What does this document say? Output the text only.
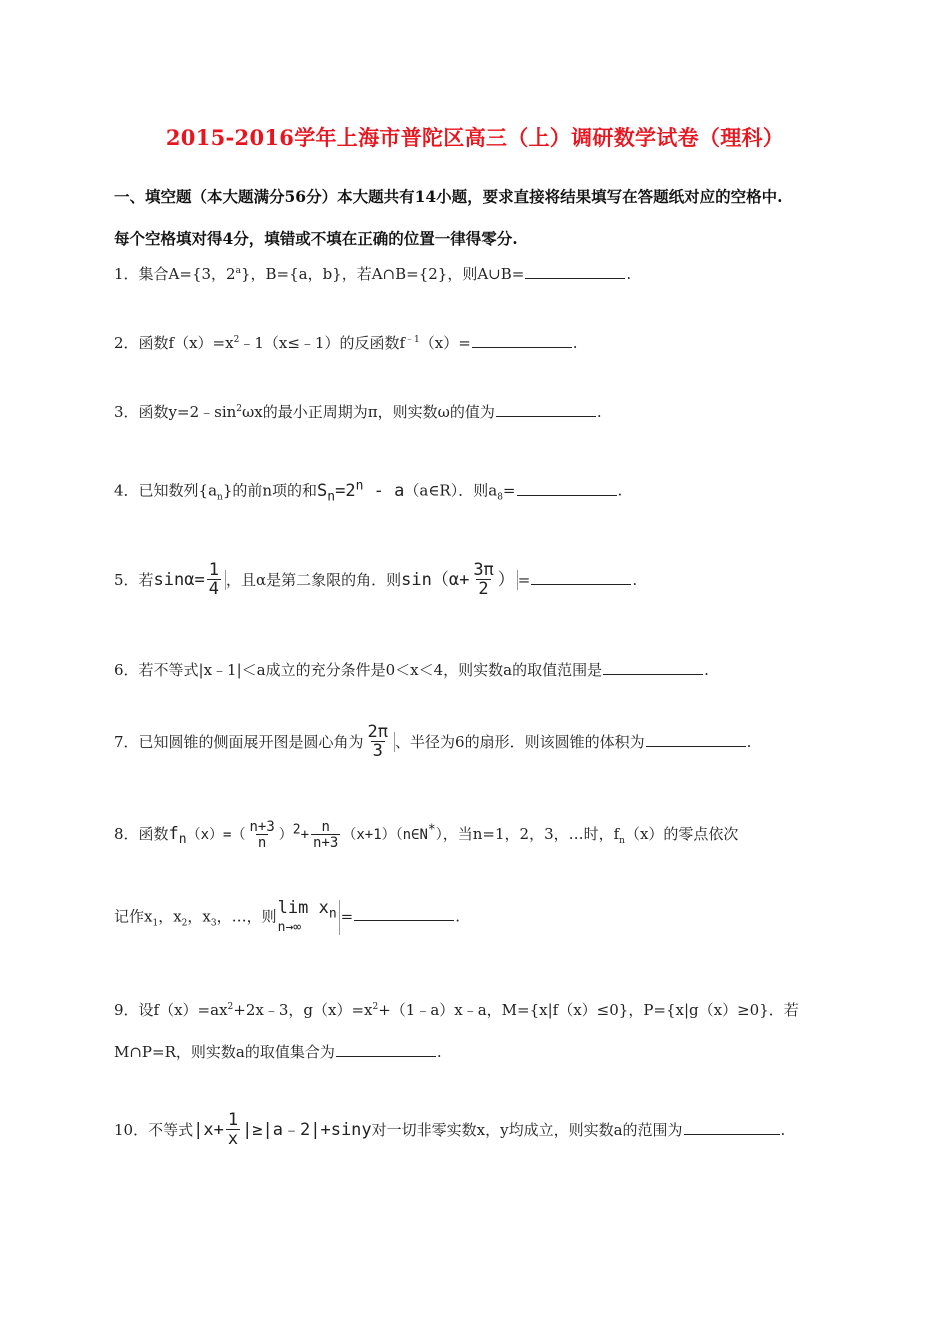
2015-2016学年上海市普陀区高三（上）调研数学试卷（理科）
一、填空题（本大题满分56分）本大题共有14小题，要求直接将结果填写在答题纸对应的空格中.
每个空格填对得4分，填错或不填在正确的位置一律得零分.
1．集合A={3，2$^a$}，B={a，b}，若A∩B={2}，则A∪B=	.
2．函数$f(x)=x^2﹣1(x\le﹣1)$的反函数$f^{﹣1}(x)=$	.
3．函数$y=2﹣\sin^2\omega x$的最小正周期为π，则实数ω的值为	.
4．已知数列$\{a_n\}$的前n项的和$S_n=2^n$ - a（a∈R）．则$a_8=$	.
5．若$\sin\alpha= \frac{1}{4}$ ，且α是第二象限的角．则$\sin(\alpha+ \frac{3\pi}{2}$ ） =	.
6．若不等式|x﹣1|＜a成立的充分条件是0＜x＜4，则实数a的取值范围是	.
7．已知圆锥的侧面展开图是圆心角为 $\frac{2\pi}{3}$ 、半径为6的扇形．则该圆锥的体积为	.
8．函数$fn(x)=( \frac{n+3}{n} )2+ \frac{n}{n+3}$ （x+1）（n∈N*），当n=1，2，3，…时，$f_n(x)$的零点依次
记作$x_1$，$x_2$，$x_3$，…，则 $\lim x_n$
n→∞
=	.
9．设$f(x)=ax^2+2x﹣3$，$g(x)=x^2+(1﹣a)x﹣a$，M={x|f（x）≤0}，P={x|g（x）≥0}．若
M∩P=R，则实数a的取值集合为	.
10．不等式$|x+ \frac{1}{x}$ |≥|a﹣2|+siny对一切非零实数x，y均成立，则实数a的范围为	.
